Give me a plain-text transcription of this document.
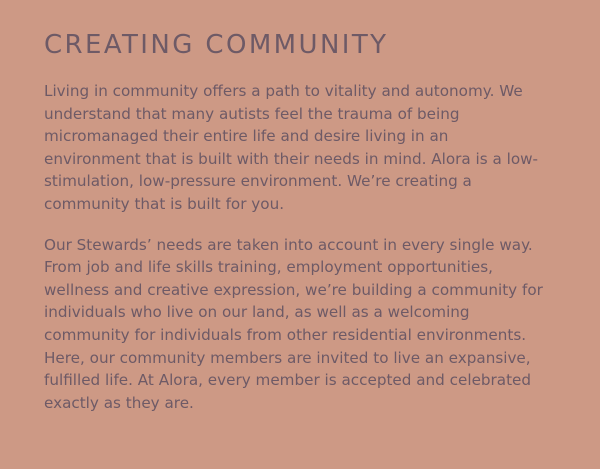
CREATING COMMUNITY

Living in community offers a path to vitality and autonomy. We understand that many autists feel the trauma of being micromanaged their entire life and desire living in an environment that is built with their needs in mind. Alora is a low-stimulation, low-pressure environment. We’re creating a community that is built for you.

Our Stewards’ needs are taken into account in every single way. From job and life skills training, employment opportunities, wellness and creative expression, we’re building a community for individuals who live on our land, as well as a welcoming community for individuals from other residential environments. Here, our community members are invited to live an expansive, fulfilled life. At Alora, every member is accepted and celebrated exactly as they are.
